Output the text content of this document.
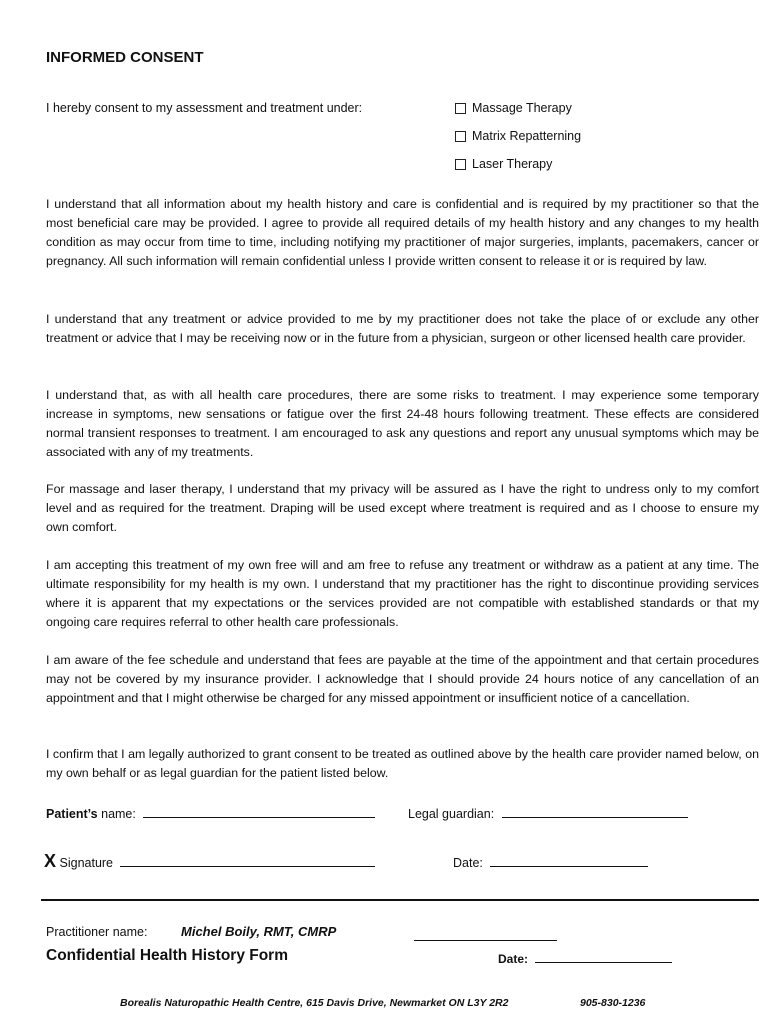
INFORMED CONSENT
I hereby consent to my assessment and treatment under:	Massage Therapy
Matrix Repatterning
Laser Therapy

I understand that all information about my health history and care is confidential and is required by my practitioner so that the most beneficial care may be provided. I agree to provide all required details of my health history and any changes to my health condition as may occur from time to time, including notifying my practitioner of major surgeries, implants, pacemakers, cancer or pregnancy. All such information will remain confidential unless I provide written consent to release it or is required by law.

I understand that any treatment or advice provided to me by my practitioner does not take the place of or exclude any other treatment or advice that I may be receiving now or in the future from a physician, surgeon or other licensed health care provider.

I understand that, as with all health care procedures, there are some risks to treatment. I may experience some temporary increase in symptoms, new sensations or fatigue over the first 24-48 hours following treatment. These effects are considered normal transient responses to treatment. I am encouraged to ask any questions and report any unusual symptoms which may be associated with any of my treatments.

For massage and laser therapy, I understand that my privacy will be assured as I have the right to undress only to my comfort level and as required for the treatment. Draping will be used except where treatment is required and as I choose to ensure my own comfort.

I am accepting this treatment of my own free will and am free to refuse any treatment or withdraw as a patient at any time. The ultimate responsibility for my health is my own. I understand that my practitioner has the right to discontinue providing services where it is apparent that my expectations or the services provided are not compatible with established standards or that my ongoing care requires referral to other health care professionals.

I am aware of the fee schedule and understand that fees are payable at the time of the appointment and that certain procedures may not be covered by my insurance provider. I acknowledge that I should provide 24 hours notice of any cancellation of an appointment and that I might otherwise be charged for any missed appointment or insufficient notice of a cancellation.

I confirm that I am legally authorized to grant consent to be treated as outlined above by the health care provider named below, on my own behalf or as legal guardian for the patient listed below.

Patient’s name:	Legal guardian:
X Signature	Date:
Practitioner name:	Michel Boily, RMT, CMRP
Confidential Health History Form	Date:
Borealis Naturopathic Health Centre, 615 Davis Drive, Newmarket ON L3Y 2R2	905-830-1236
